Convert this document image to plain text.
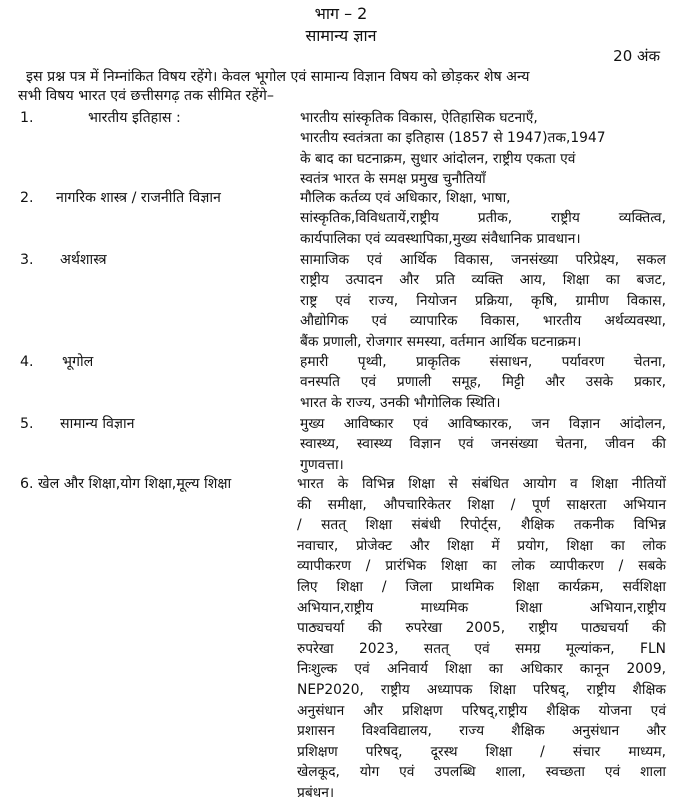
भाग – 2
सामान्य ज्ञान
20 अंक
इस प्रश्न पत्र में निम्नांकित विषय रहेंगे। केवल भूगोल एवं सामान्य विज्ञान विषय को छोड़कर शेष अन्य
सभी विषय भारत एवं छत्तीसगढ़ तक सीमित रहेंगे–
1.	भारतीय इतिहास :	भारतीय सांस्कृतिक विकास, ऐतिहासिक घटनाएँ,
भारतीय स्वतंत्रता का इतिहास (1857 से 1947)तक,1947
के बाद का घटनाक्रम, सुधार आंदोलन, राष्ट्रीय एकता एवं
स्वतंत्र भारत के समक्ष प्रमुख चुनौतियाँ
2. नागरिक शास्त्र / राजनीति विज्ञान	मौलिक कर्तव्य एवं अधिकार, शिक्षा, भाषा,
सांस्कृतिक,विविधतायें,राष्ट्रीय प्रतीक, राष्ट्रीय व्यक्तित्व,
कार्यपालिका एवं व्यवस्थापिका,मुख्य संवैधानिक प्रावधान।
3. अर्थशास्त्र	सामाजिक एवं आर्थिक विकास, जनसंख्या परिप्रेक्ष्य, सकल
राष्ट्रीय उत्पादन और प्रति व्यक्ति आय, शिक्षा का बजट,
राष्ट्र एवं राज्य, नियोजन प्रक्रिया, कृषि, ग्रामीण विकास,
औद्योगिक एवं व्यापारिक विकास, भारतीय अर्थव्यवस्था,
बैंक प्रणाली, रोजगार समस्या, वर्तमान आर्थिक घटनाक्रम।
4. भूगोल	हमारी पृथ्वी, प्राकृतिक संसाधन, पर्यावरण चेतना,
वनस्पति एवं प्रणाली समूह, मिट्टी और उसके प्रकार,
भारत के राज्य, उनकी भौगोलिक स्थिति।
5. सामान्य विज्ञान	मुख्य आविष्कार एवं आविष्कारक, जन विज्ञान आंदोलन,
स्वास्थ्य, स्वास्थ्य विज्ञान एवं जनसंख्या चेतना, जीवन की
गुणवत्ता।
6. खेल और शिक्षा,योग शिक्षा,मूल्य शिक्षा	भारत के विभिन्न शिक्षा से संबंधित आयोग व शिक्षा नीतियों
की समीक्षा, औपचारिकेतर शिक्षा / पूर्ण साक्षरता अभियान
/ सतत् शिक्षा संबंधी रिपोर्ट्स, शैक्षिक तकनीक विभिन्न
नवाचार, प्रोजेक्ट और शिक्षा में प्रयोग, शिक्षा का लोक
व्यापीकरण / प्रारंभिक शिक्षा का लोक व्यापीकरण / सबके
लिए शिक्षा / जिला प्राथमिक शिक्षा कार्यक्रम, सर्वशिक्षा
अभियान,राष्ट्रीय माध्यमिक शिक्षा अभियान,राष्ट्रीय
पाठ्यचर्या की रुपरेखा 2005, राष्ट्रीय पाठ्यचर्या की
रुपरेखा 2023, सतत् एवं समग्र मूल्यांकन, FLN
निःशुल्क एवं अनिवार्य शिक्षा का अधिकार कानून 2009,
NEP2020, राष्ट्रीय अध्यापक शिक्षा परिषद्, राष्ट्रीय शैक्षिक
अनुसंधान और प्रशिक्षण परिषद्,राष्ट्रीय शैक्षिक योजना एवं
प्रशासन विश्वविद्यालय, राज्य शैक्षिक अनुसंधान और
प्रशिक्षण परिषद्, दूरस्थ शिक्षा / संचार माध्यम,
खेलकूद, योग एवं उपलब्धि शाला, स्वच्छता एवं शाला
प्रबंधन।
